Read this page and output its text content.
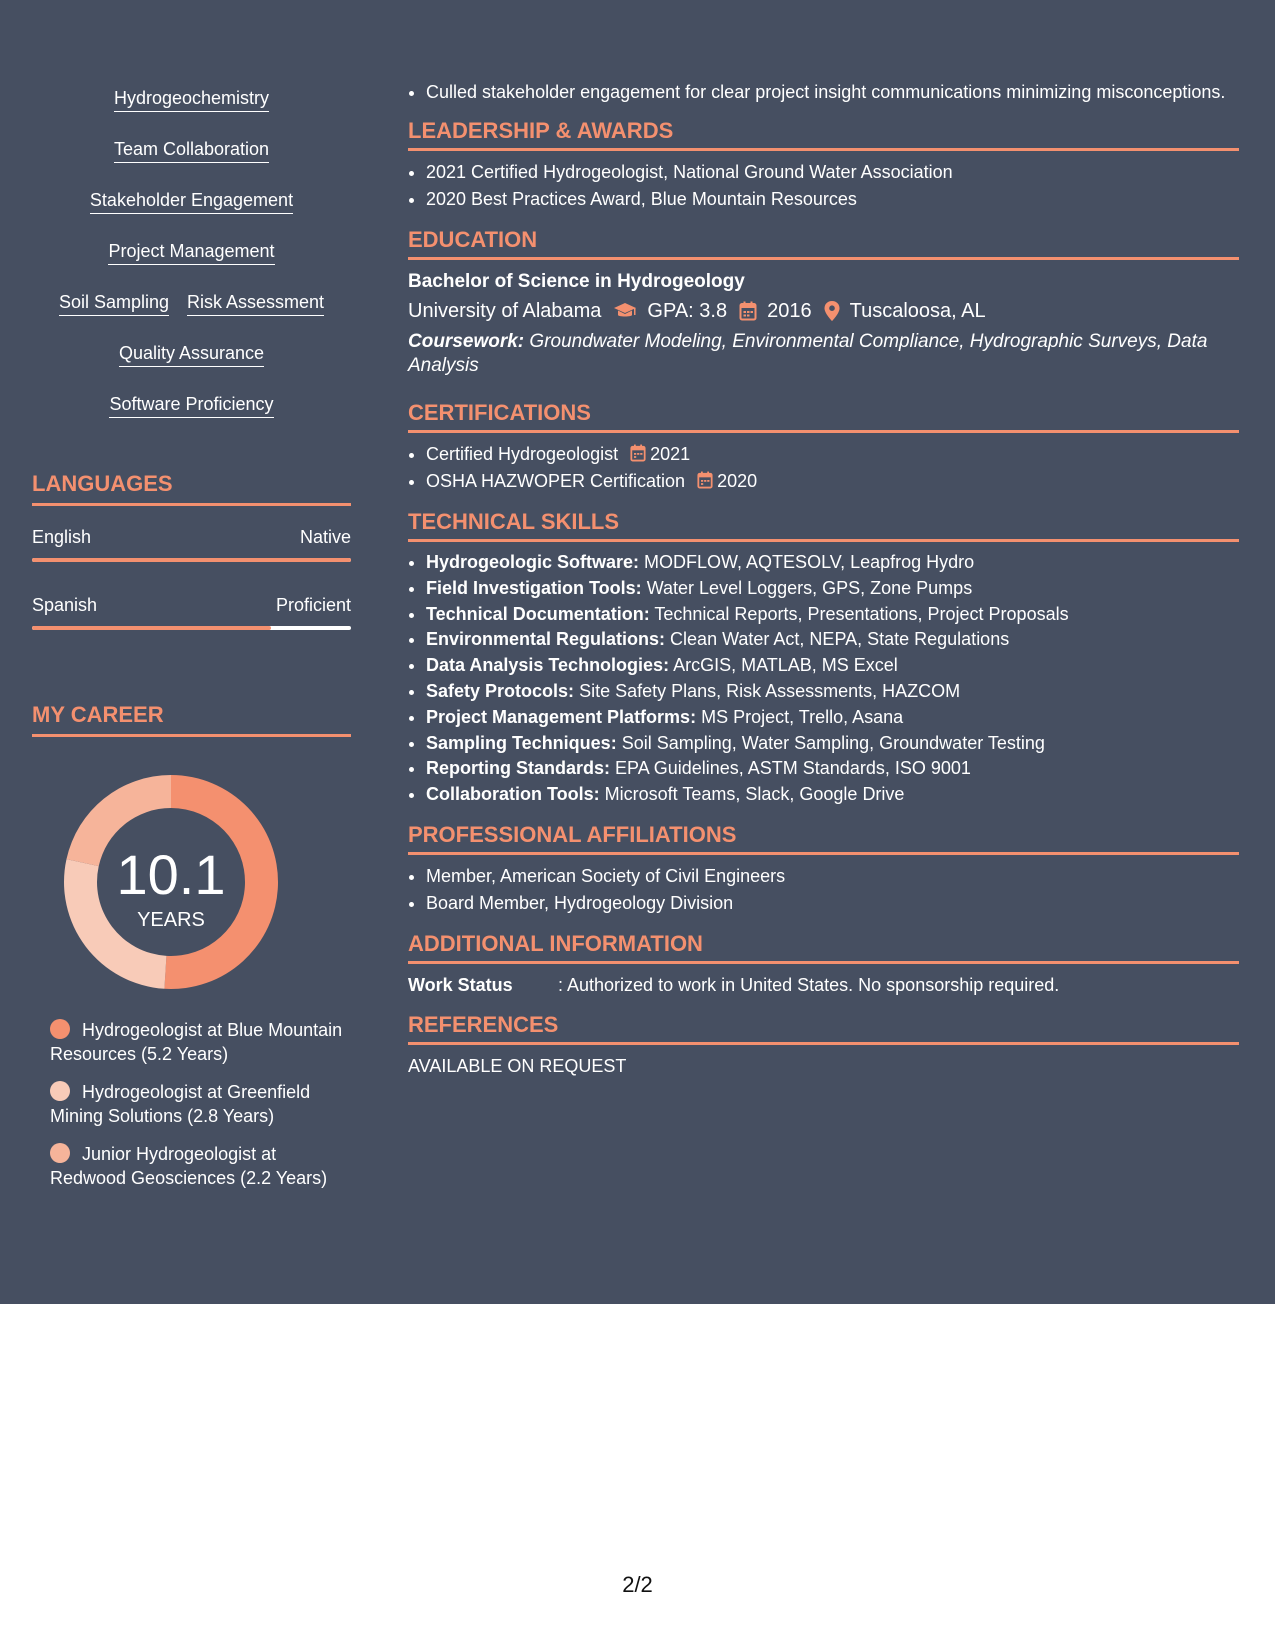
Hydrogeochemistry
Team Collaboration
Stakeholder Engagement
Project Management
Soil Sampling Risk Assessment
Quality Assurance
Software Proficiency
LANGUAGES
English	Native
Spanish	Proficient
MY CAREER
10.1
YEARS
Hydrogeologist at Blue Mountain Resources (5.2 Years)
Hydrogeologist at Greenfield Mining Solutions (2.8 Years)
Junior Hydrogeologist at Redwood Geosciences (2.2 Years)
• Culled stakeholder engagement for clear project insight communications minimizing misconceptions.
LEADERSHIP & AWARDS
• 2021 Certified Hydrogeologist, National Ground Water Association
• 2020 Best Practices Award, Blue Mountain Resources
EDUCATION
Bachelor of Science in Hydrogeology
University of Alabama GPA: 3.8 2016 Tuscaloosa, AL
Coursework: Groundwater Modeling, Environmental Compliance, Hydrographic Surveys, Data Analysis
CERTIFICATIONS
• Certified Hydrogeologist 2021
• OSHA HAZWOPER Certification 2020
TECHNICAL SKILLS
• Hydrogeologic Software: MODFLOW, AQTESOLV, Leapfrog Hydro
• Field Investigation Tools: Water Level Loggers, GPS, Zone Pumps
• Technical Documentation: Technical Reports, Presentations, Project Proposals
• Environmental Regulations: Clean Water Act, NEPA, State Regulations
• Data Analysis Technologies: ArcGIS, MATLAB, MS Excel
• Safety Protocols: Site Safety Plans, Risk Assessments, HAZCOM
• Project Management Platforms: MS Project, Trello, Asana
• Sampling Techniques: Soil Sampling, Water Sampling, Groundwater Testing
• Reporting Standards: EPA Guidelines, ASTM Standards, ISO 9001
• Collaboration Tools: Microsoft Teams, Slack, Google Drive
PROFESSIONAL AFFILIATIONS
• Member, American Society of Civil Engineers
• Board Member, Hydrogeology Division
ADDITIONAL INFORMATION
Work Status	: Authorized to work in United States. No sponsorship required.
REFERENCES
AVAILABLE ON REQUEST
2/2
